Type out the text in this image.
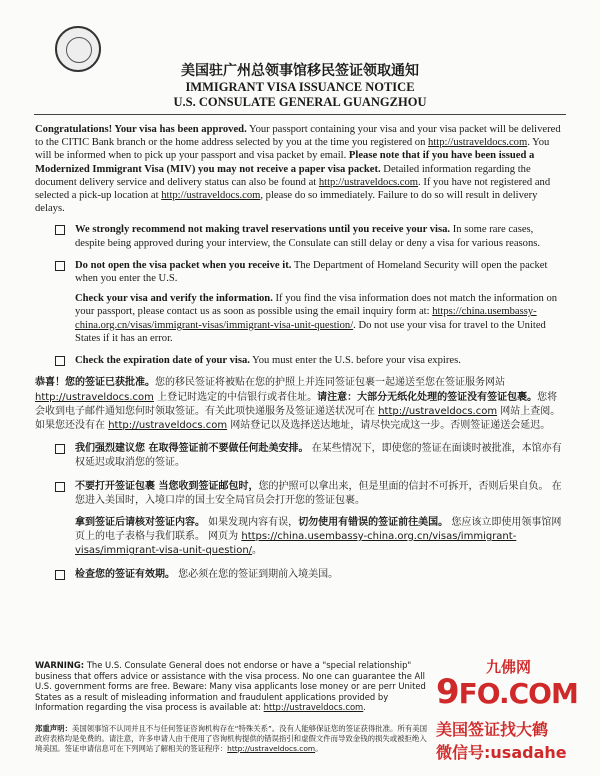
美国驻广州总领事馆移民签证领取通知
IMMIGRANT VISA ISSUANCE NOTICE
U.S. CONSULATE GENERAL GUANGZHOU

Congratulations! Your visa has been approved. Your passport containing your visa and your visa packet will be delivered to the CITIC Bank branch or the home address selected by you at the time you registered on http://ustraveldocs.com. You will be informed when to pick up your passport and visa packet by email. Please note that if you have been issued a Modernized Immigrant Visa (MIV) you may not receive a paper visa packet. Detailed information regarding the document delivery service and delivery status can also be found at http://ustraveldocs.com. If you have not registered and selected a pick-up location at http://ustraveldocs.com, please do so immediately. Failure to do so will result in delivery delays.

We strongly recommend not making travel reservations until you receive your visa. In some rare cases, despite being approved during your interview, the Consulate can still delay or deny a visa for various reasons.

Do not open the visa packet when you receive it. The Department of Homeland Security will open the packet when you enter the U.S.

Check your visa and verify the information. If you find the visa information does not match the information on your passport, please contact us as soon as possible using the email inquiry form at: https://china.usembassy-china.org.cn/visas/immigrant-visas/immigrant-visa-unit-question/. Do not use your visa for travel to the United States if it has an error.

Check the expiration date of your visa. You must enter the U.S. before your visa expires.

恭喜！您的签证已获批准。您的移民签证将被贴在您的护照上并连同签证包裹一起递送至您在签证服务网站 http://ustraveldocs.com 上登记时选定的中信银行或者住址。请注意：大部分无纸化处理的签证没有签证包裹。您将会收到电子邮件通知您何时领取签证。有关此项快递服务及签证递送状况可在 http://ustraveldocs.com 网站上查阅。如果您还没有在 http://ustraveldocs.com 网站登记以及选择送达地址，请尽快完成这一步。否则签证递送会延迟。

我们强烈建议您 在取得签证前不要做任何赴美安排。 在某些情况下，即使您的签证在面谈时被批准，本馆亦有权延迟或取消您的签证。

不要打开签证包裹 当您收到签证邮包时，您的护照可以拿出来，但是里面的信封不可拆开，否则后果自负。 在您进入美国时，入境口岸的国土安全局官员会打开您的签证包裹。

拿到签证后请核对签证内容。 如果发现内容有误，切勿使用有错误的签证前往美国。 您应该立即使用领事馆网页上的电子表格与我们联系。 网页为 https://china.usembassy-china.org.cn/visas/immigrant-visas/immigrant-visa-unit-question/。

检查您的签证有效期。 您必须在您的签证到期前入境美国。

WARNING: The U.S. Consulate General does not endorse or have a "special relationship" business that offers advice or assistance with the visa process. No one can guarantee the All U.S. government forms are free. Beware: Many visa applicants lose money or are perr United States as a result of misleading information and fraudulent applications provided by Information regarding the visa process is available at: http://ustraveldocs.com.
郑重声明：美国领事馆不认同并且不与任何签证咨询机构存在“特殊关系”。没有人能够保证您的签证获得批准。所有美国政府表格均是免费的。请注意，许多申请人由于使用了咨询机构提供的错误指引和虚假文件而导致金钱的损失或被拒绝入境美国。签证申请信息可在下列网站了解相关的签证程序：http://ustraveldocs.com。
九佛网
9FO.COM
美国签证找大鹤
微信号:usadahe
